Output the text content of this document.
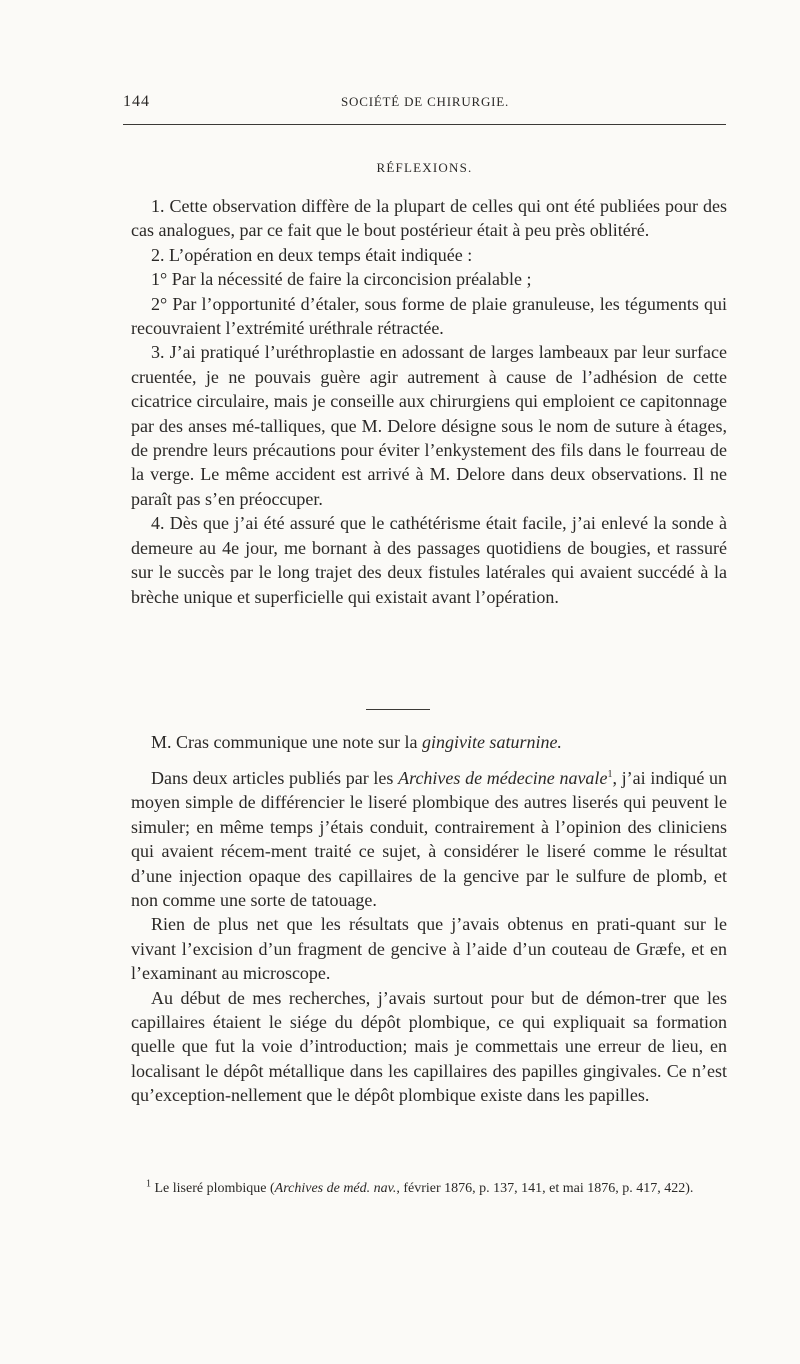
144	SOCIÉTÉ DE CHIRURGIE.
RÉFLEXIONS.

1. Cette observation diffère de la plupart de celles qui ont été publiées pour des cas analogues, par ce fait que le bout postérieur était à peu près oblitéré.

2. L’opération en deux temps était indiquée :

1° Par la nécessité de faire la circoncision préalable ;

2° Par l’opportunité d’étaler, sous forme de plaie granuleuse, les téguments qui recouvraient l’extrémité uréthrale rétractée.

3. J’ai pratiqué l’uréthroplastie en adossant de larges lambeaux par leur surface cruentée, je ne pouvais guère agir autrement à cause de l’adhésion de cette cicatrice circulaire, mais je conseille aux chirurgiens qui emploient ce capitonnage par des anses mé-talliques, que M. Delore désigne sous le nom de suture à étages, de prendre leurs précautions pour éviter l’enkystement des fils dans le fourreau de la verge. Le même accident est arrivé à M. Delore dans deux observations. Il ne paraît pas s’en préoccuper.

4. Dès que j’ai été assuré que le cathétérisme était facile, j’ai enlevé la sonde à demeure au 4e jour, me bornant à des passages quotidiens de bougies, et rassuré sur le succès par le long trajet des deux fistules latérales qui avaient succédé à la brèche unique et superficielle qui existait avant l’opération.

M. Cras communique une note sur la gingivite saturnine.

Dans deux articles publiés par les Archives de médecine navale$^1$, j’ai indiqué un moyen simple de différencier le liseré plombique des autres liserés qui peuvent le simuler; en même temps j’étais conduit, contrairement à l’opinion des cliniciens qui avaient récem-ment traité ce sujet, à considérer le liseré comme le résultat d’une injection opaque des capillaires de la gencive par le sulfure de plomb, et non comme une sorte de tatouage.

Rien de plus net que les résultats que j’avais obtenus en prati-quant sur le vivant l’excision d’un fragment de gencive à l’aide d’un couteau de Græfe, et en l’examinant au microscope.

Au début de mes recherches, j’avais surtout pour but de démon-trer que les capillaires étaient le siége du dépôt plombique, ce qui expliquait sa formation quelle que fut la voie d’introduction; mais je commettais une erreur de lieu, en localisant le dépôt métallique dans les capillaires des papilles gingivales. Ce n’est qu’exception-nellement que le dépôt plombique existe dans les papilles.

$^1$ Le liseré plombique (Archives de méd. nav., février 1876, p. 137, 141, et mai 1876, p. 417, 422).
